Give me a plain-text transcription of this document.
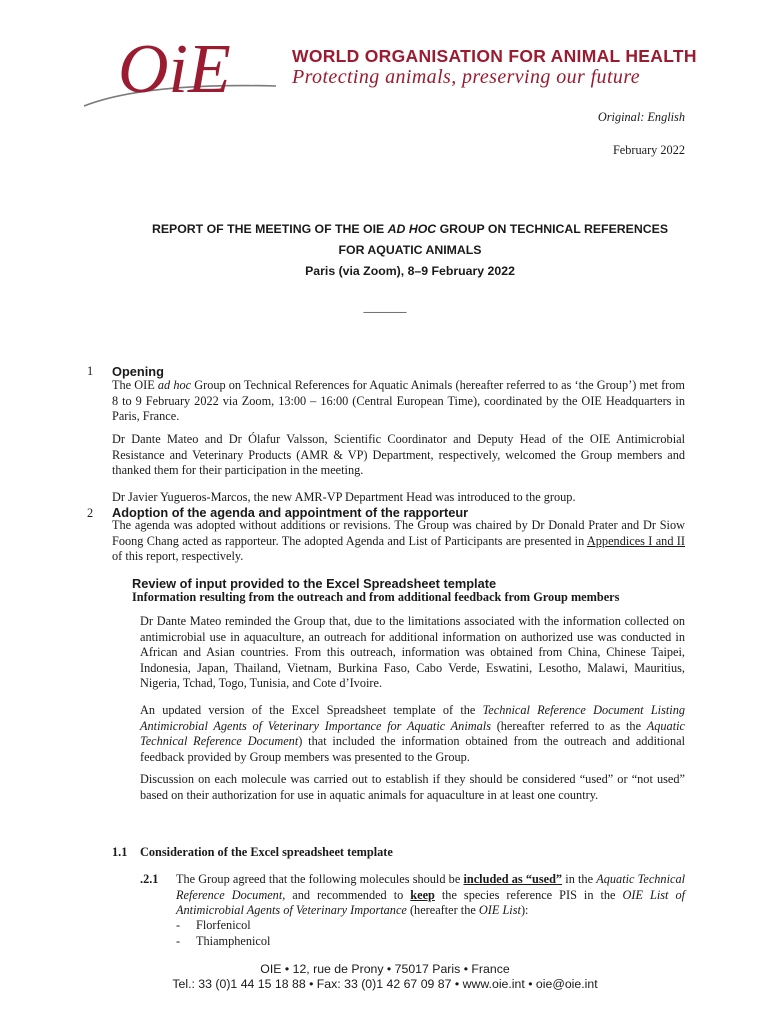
OiE	WORLD ORGANISATION FOR ANIMAL HEALTH
Protecting animals, preserving our future
Original: English
February 2022
REPORT OF THE MEETING OF THE OIE AD HOC GROUP ON TECHNICAL REFERENCES
FOR AQUATIC ANIMALS
Paris (via Zoom), 8–9 February 2022
_______
1 Opening
The OIE ad hoc Group on Technical References for Aquatic Animals (hereafter referred to as ‘the Group’) met from 8 to 9 February 2022 via Zoom, 13:00 – 16:00 (Central European Time), coordinated by the OIE Headquarters in Paris, France.
Dr Dante Mateo and Dr Ólafur Valsson, Scientific Coordinator and Deputy Head of the OIE Antimicrobial Resistance and Veterinary Products (AMR & VP) Department, respectively, welcomed the Group members and thanked them for their participation in the meeting.
Dr Javier Yugueros-Marcos, the new AMR-VP Department Head was introduced to the group.
2 Adoption of the agenda and appointment of the rapporteur
The agenda was adopted without additions or revisions. The Group was chaired by Dr Donald Prater and Dr Siow Foong Chang acted as rapporteur. The adopted Agenda and List of Participants are presented in Appendices I and II of this report, respectively.
Review of input provided to the Excel Spreadsheet template
Information resulting from the outreach and from additional feedback from Group members
Dr Dante Mateo reminded the Group that, due to the limitations associated with the information collected on antimicrobial use in aquaculture, an outreach for additional information on authorized use was conducted in African and Asian countries. From this outreach, information was obtained from China, Chinese Taipei, Indonesia, Japan, Thailand, Vietnam, Burkina Faso, Cabo Verde, Eswatini, Lesotho, Malawi, Mauritius, Nigeria, Tchad, Togo, Tunisia, and Cote d’Ivoire.
An updated version of the Excel Spreadsheet template of the Technical Reference Document Listing Antimicrobial Agents of Veterinary Importance for Aquatic Animals (hereafter referred to as the Aquatic Technical Reference Document) that included the information obtained from the outreach and additional feedback provided by Group members was presented to the Group.
Discussion on each molecule was carried out to establish if they should be considered “used” or “not used” based on their authorization for use in aquatic animals for aquaculture in at least one country.
1.1 Consideration of the Excel spreadsheet template
.2.1 The Group agreed that the following molecules should be included as “used” in the Aquatic Technical Reference Document, and recommended to keep the species reference PIS in the OIE List of Antimicrobial Agents of Veterinary Importance (hereafter the OIE List):
- Florfenicol
- Thiamphenicol
OIE • 12, rue de Prony • 75017 Paris • France
Tel.: 33 (0)1 44 15 18 88 • Fax: 33 (0)1 42 67 09 87 • www.oie.int • oie@oie.int
